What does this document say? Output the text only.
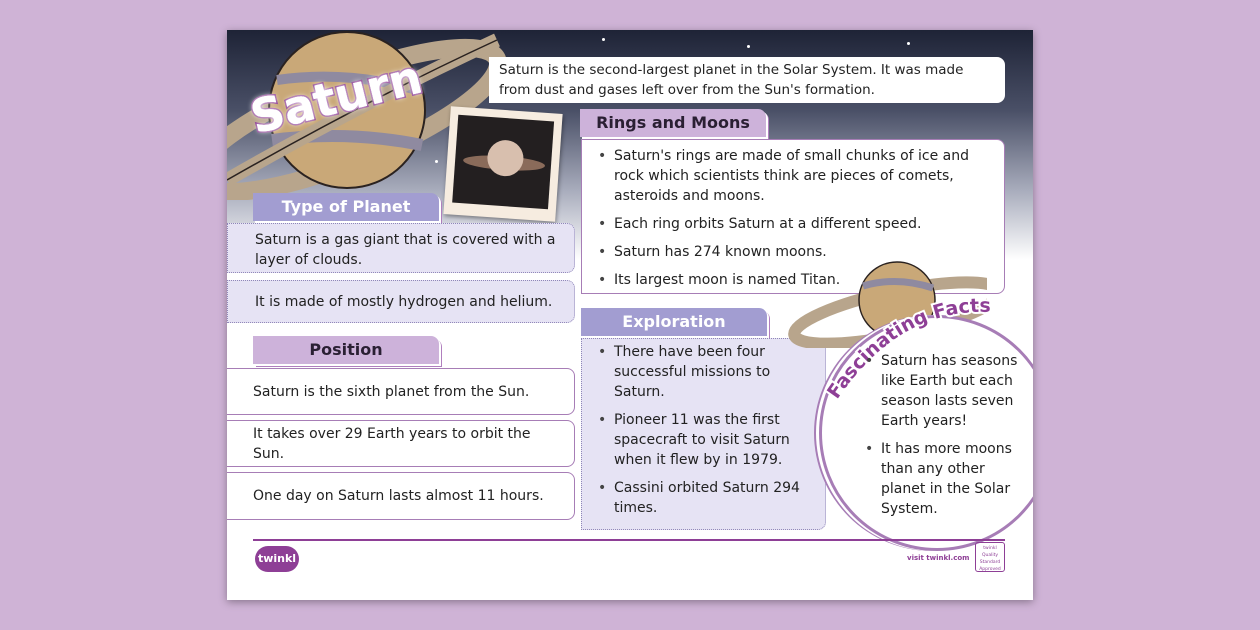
Saturn	Saturn is the second-largest planet in the Solar System. It was made from dust and gases left over from the Sun's formation.
Type of Planet
Saturn is a gas giant that is covered with a layer of clouds.
It is made of mostly hydrogen and helium.
Position
Saturn is the sixth planet from the Sun.
It takes over 29 Earth years to orbit the Sun.
One day on Saturn lasts almost 11 hours.
Rings and Moons
• Saturn's rings are made of small chunks of ice and rock which scientists think are pieces of comets, asteroids and moons.
• Each ring orbits Saturn at a different speed.
• Saturn has 274 known moons.
• Its largest moon is named Titan.
Exploration
• There have been four successful missions to Saturn.
• Pioneer 11 was the first spacecraft to visit Saturn when it flew by in 1979.
• Cassini orbited Saturn 294 times.
Fascinating Facts
• Saturn has seasons like Earth but each season lasts seven Earth years!
• It has more moons than any other planet in the Solar System.
twinkl	visit twinkl.com
twinkl Quality Standard Approved
